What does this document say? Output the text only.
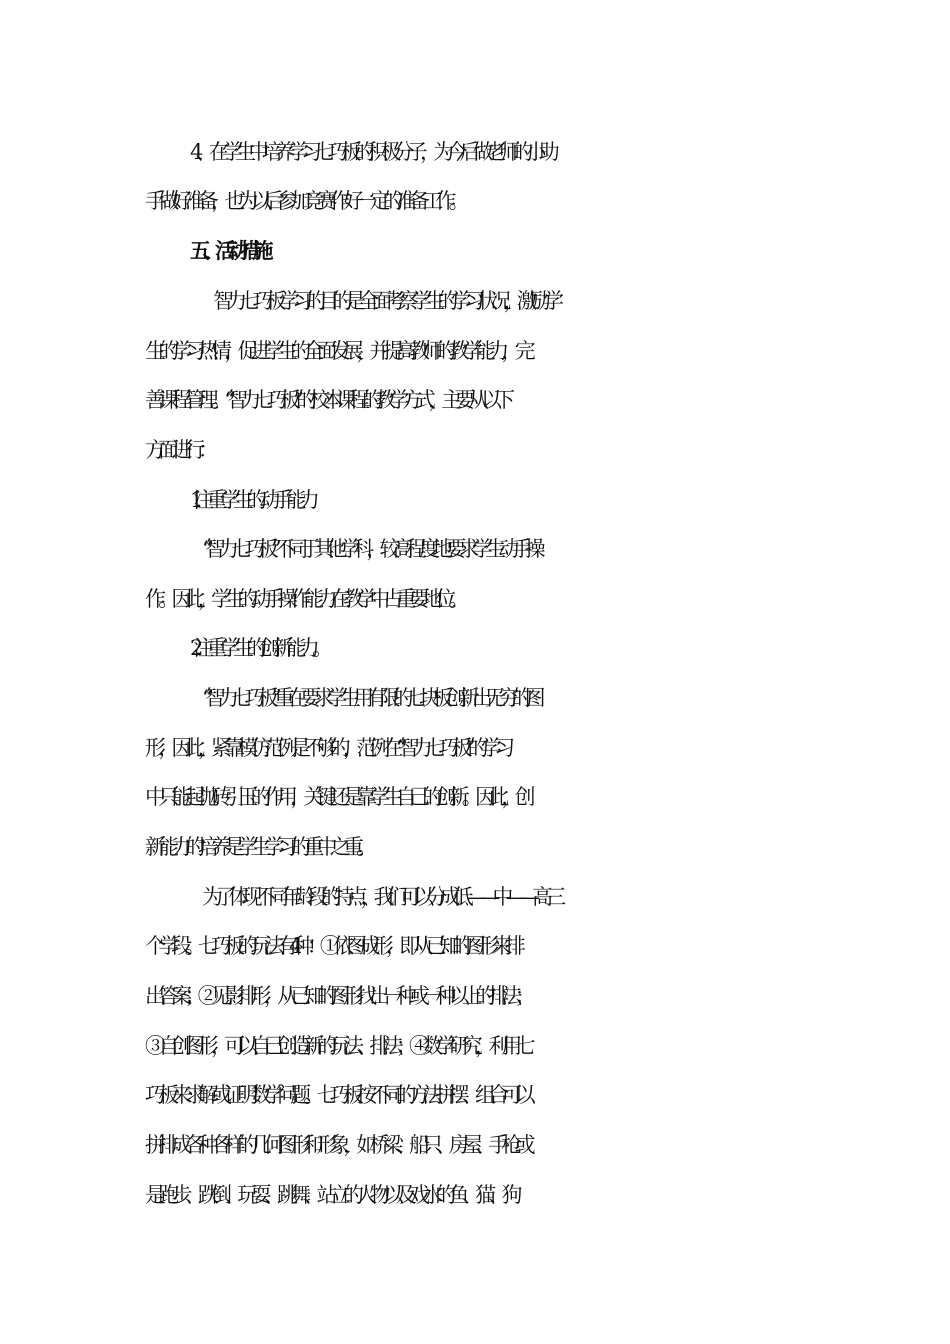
4、在学生中培养学习七巧板的积极分子，为今后做老师的小助
手做好准备，也为以后参加竞赛作好一定的准备工作。
五、活动措施
智力七巧板学习的目的是全面考察学生的学习状况，激励学
生的学习热情，促进学生的全面发展，并提高教师的教学能力，完
善课程管理。“智力七巧板”的校本课程的教学方式，主要从以下
方面进行：
1. 注重学生的动手能力
“智力七巧板”不同于其他学科，较高程度地要求学生动手操
作。因此，学生的动手操作能力在教学中占重要地位。
2. 注重学生的创新能力。
“智力七巧板”重在要求学生用有限的七块板创新出无穷的图
形，因此，紧靠模仿范例是不够的，范例在“智力七巧板”的学习
中只能起抛砖引玉的作用，关键还是靠学生自己的创新。因此，创
新能力的培养是学生学习的重中之重。
为了体现不同年龄段的特点，我们可以分成低——中——高三
个学段。七巧板的玩法有 4 种：①依图成形，即从已知的图形来排
出答案；②见影排形，从已知的图形找出一种或一种以上的排法；
③自创图形，可以自己创造新的玩法、排法；④数学研究，利用七
巧板来求解或证明数学问题。七巧板按不同的方法拼摆、组合可以
拼排成各种各样的几何图形和形象，如桥梁、船只、房屋、手枪或
是跑步、跌倒、玩耍、跳舞、站立的人物以及戏水的鱼、猫、狗
